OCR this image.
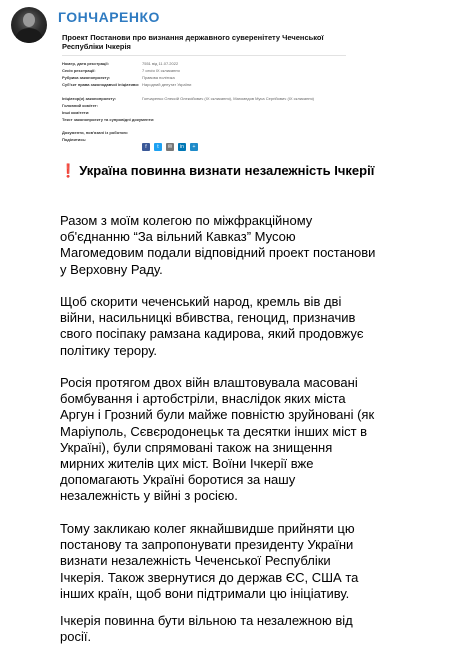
ГОНЧАРЕНКО
Проект Постанови про визнання державного суверенітету Чеченської Республіки Ічкерія
Номер, дата реєстрації:	7551 від 11.07.2022
Сесія реєстрації:	7 сесія IX скликання
Рубрика законопроекту:	Правова політика
Суб'єкт права законодавчої ініціативи: Народний депутат України
Ініціатор(и) законопроекту:	Гончаренко Олексій Олексійович (IX скликання), Магомедов Муса Сергійович (IX скликання)
Головний комітет:
Інші комітети:
Текст законопроекту та супровідні документи:
Документи, пов'язані із роботою:
Поділитись:
f	t	✉	in	+
❗ Україна повинна визнати незалежність Ічкерії
Разом з моїм колегою по міжфракційному об'єднанню “За вільний Кавказ” Мусою Магомедовим подали відповідний проект постанови у Верховну Раду.
Щоб скорити чеченський народ, кремль вів дві війни, насильницкі вбивства, геноцид, призначив свого посіпаку рамзана кадирова, який продовжує політику терору.
Росія протягом двох війн влаштовувала масовані бомбування і артобстріли, внаслідок яких міста Аргун і Грозний були майже повністю зруйновані (як Маріуполь, Сєвєродонецьк та десятки інших міст в Україні), були спрямовані також на знищення мирних жителів цих міст. Воїни Ічкерії вже допомагають Україні боротися за нашу незалежність у війні з росією.
Тому закликаю колег якнайшвидше прийняти цю постанову та запропонувати президенту України визнати незалежність Чеченської Республіки Ічкерія. Також звернутися до держав ЄС, США та інших країн, щоб вони підтримали цю ініціативу.
Ічкерія повинна бути вільною та незалежною від росії.
